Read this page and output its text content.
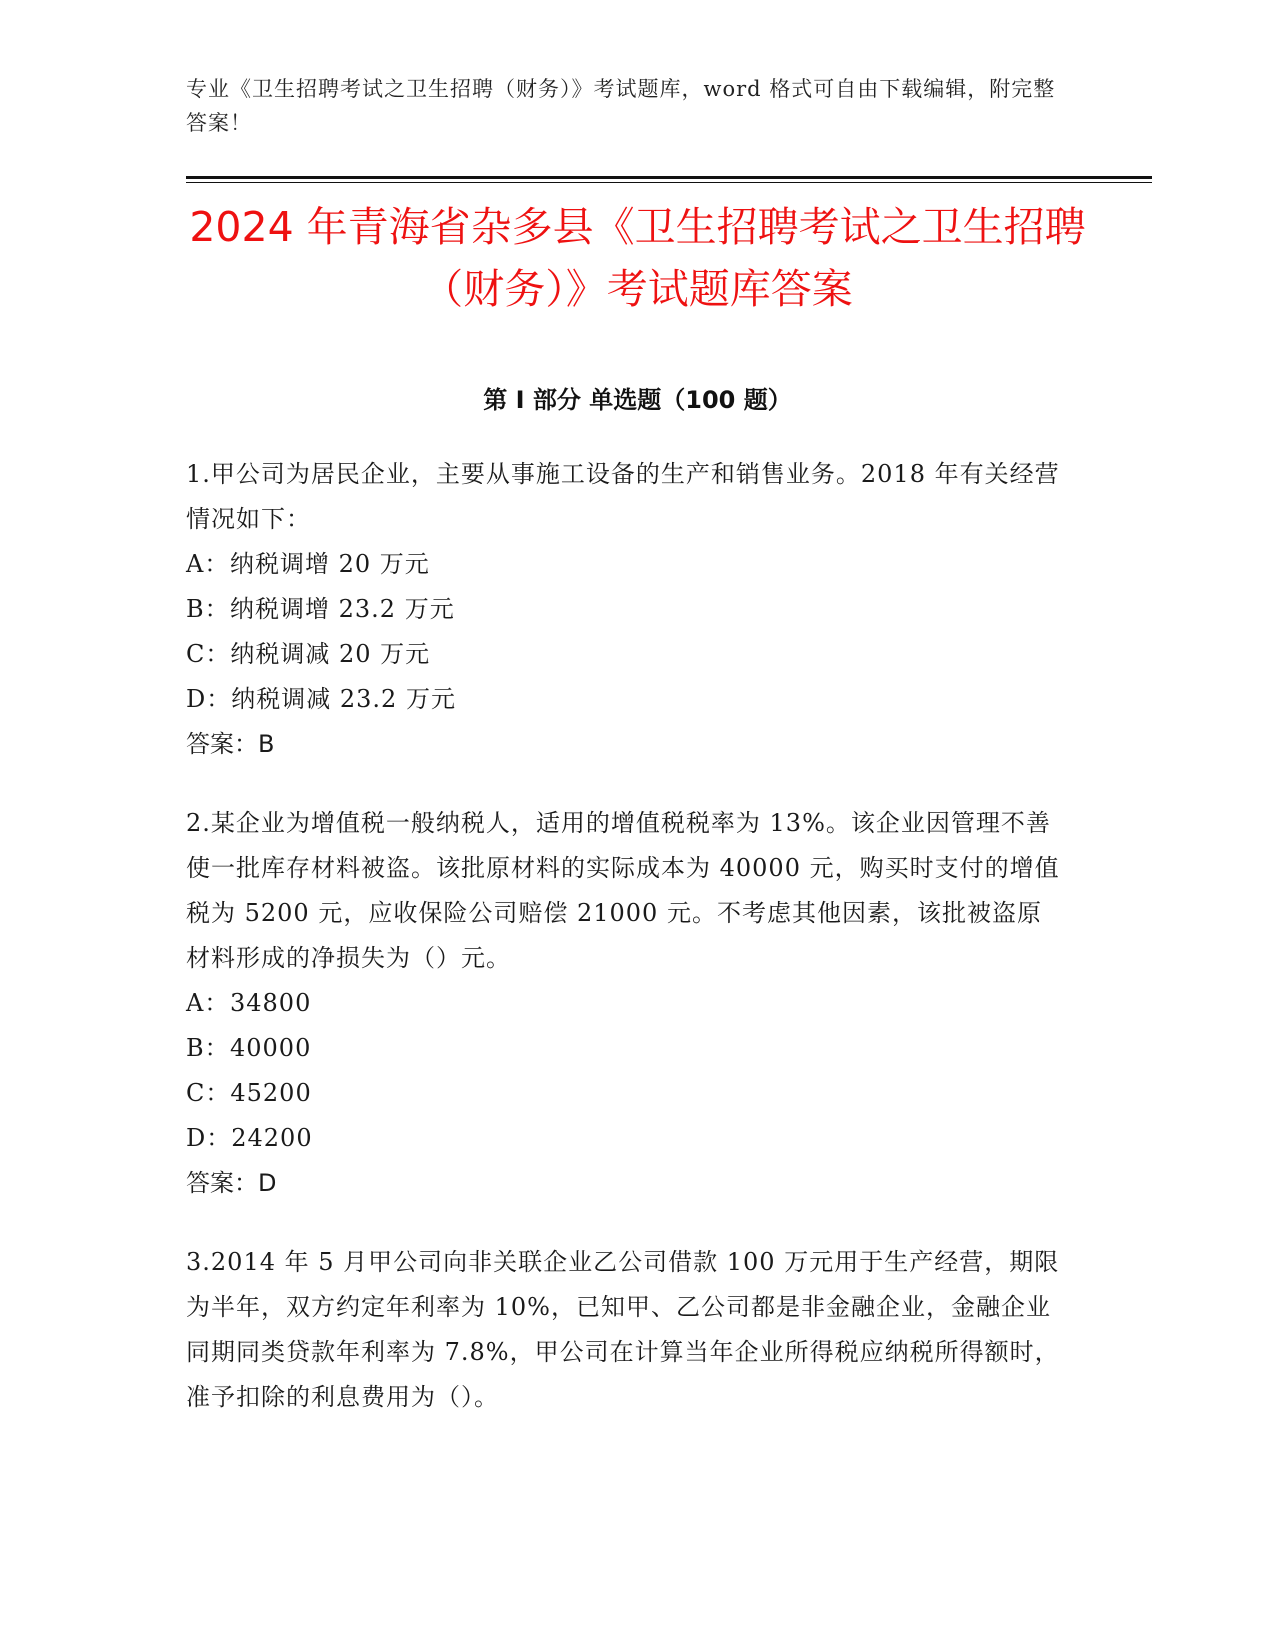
专业《卫生招聘考试之卫生招聘（财务）》考试题库，word 格式可自由下载编辑，附完整答案！
2024 年青海省杂多县《卫生招聘考试之卫生招聘（财务）》考试题库答案
第 I 部分 单选题（100 题）

1.甲公司为居民企业，主要从事施工设备的生产和销售业务。2018 年有关经营情况如下：

A： 纳税调增 20 万元
B： 纳税调增 23.2 万元
C： 纳税调减 20 万元
D： 纳税调减 23.2 万元

答案：B

2.某企业为增值税一般纳税人，适用的增值税税率为 13%。该企业因管理不善使一批库存材料被盗。该批原材料的实际成本为 40000 元，购买时支付的增值税为 5200 元，应收保险公司赔偿 21000 元。不考虑其他因素，该批被盗原材料形成的净损失为（）元。

A： 34800
B： 40000
C： 45200
D： 24200

答案：D

3.2014 年 5 月甲公司向非关联企业乙公司借款 100 万元用于生产经营，期限为半年，双方约定年利率为 10%，已知甲、乙公司都是非金融企业，金融企业同期同类贷款年利率为 7.8%，甲公司在计算当年企业所得税应纳税所得额时，准予扣除的利息费用为（）。
